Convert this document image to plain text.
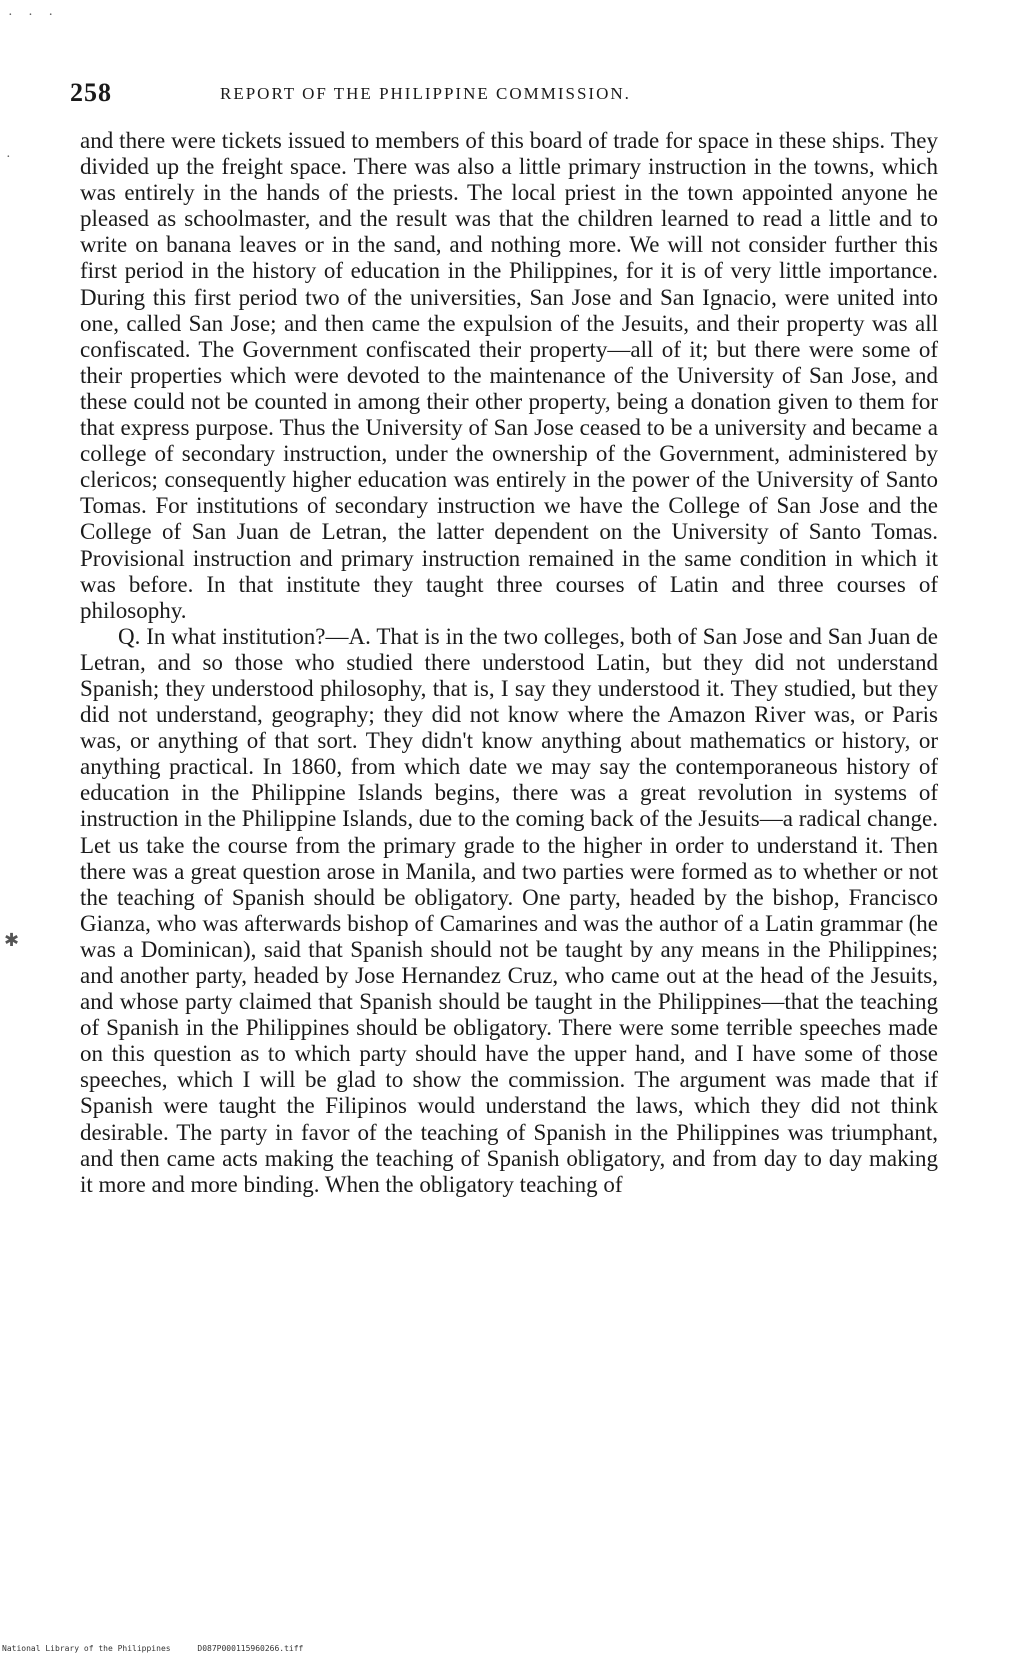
· · ·
·
✱
258	REPORT OF THE PHILIPPINE COMMISSION.

and there were tickets issued to members of this board of trade for space in these ships. They divided up the freight space. There was also a little primary instruction in the towns, which was entirely in the hands of the priests. The local priest in the town appointed anyone he pleased as schoolmaster, and the result was that the children learned to read a little and to write on banana leaves or in the sand, and nothing more. We will not consider further this first period in the history of education in the Philippines, for it is of very little importance. During this first period two of the universities, San Jose and San Ignacio, were united into one, called San Jose; and then came the expulsion of the Jesuits, and their property was all confiscated. The Government confiscated their property—all of it; but there were some of their properties which were devoted to the maintenance of the University of San Jose, and these could not be counted in among their other property, being a donation given to them for that express purpose. Thus the University of San Jose ceased to be a university and became a college of secondary instruction, under the ownership of the Government, administered by clericos; consequently higher education was entirely in the power of the University of Santo Tomas. For institutions of secondary instruction we have the College of San Jose and the College of San Juan de Letran, the latter dependent on the University of Santo Tomas. Provisional instruction and primary instruction remained in the same condition in which it was before. In that institute they taught three courses of Latin and three courses of philosophy.

Q. In what institution?—A. That is in the two colleges, both of San Jose and San Juan de Letran, and so those who studied there understood Latin, but they did not understand Spanish; they understood philosophy, that is, I say they understood it. They studied, but they did not understand, geography; they did not know where the Amazon River was, or Paris was, or anything of that sort. They didn't know anything about mathematics or history, or anything practical. In 1860, from which date we may say the contemporaneous history of education in the Philippine Islands begins, there was a great revolution in systems of instruction in the Philippine Islands, due to the coming back of the Jesuits—a radical change. Let us take the course from the primary grade to the higher in order to understand it. Then there was a great question arose in Manila, and two parties were formed as to whether or not the teaching of Spanish should be obligatory. One party, headed by the bishop, Francisco Gianza, who was afterwards bishop of Camarines and was the author of a Latin grammar (he was a Dominican), said that Spanish should not be taught by any means in the Philippines; and another party, headed by Jose Hernandez Cruz, who came out at the head of the Jesuits, and whose party claimed that Spanish should be taught in the Philippines—that the teaching of Spanish in the Philippines should be obligatory. There were some terrible speeches made on this question as to which party should have the upper hand, and I have some of those speeches, which I will be glad to show the commission. The argument was made that if Spanish were taught the Filipinos would understand the laws, which they did not think desirable. The party in favor of the teaching of Spanish in the Philippines was triumphant, and then came acts making the teaching of Spanish obligatory, and from day to day making it more and more binding. When the obligatory teaching of

National Library of the Philippines	D087P000115960266.tiff
